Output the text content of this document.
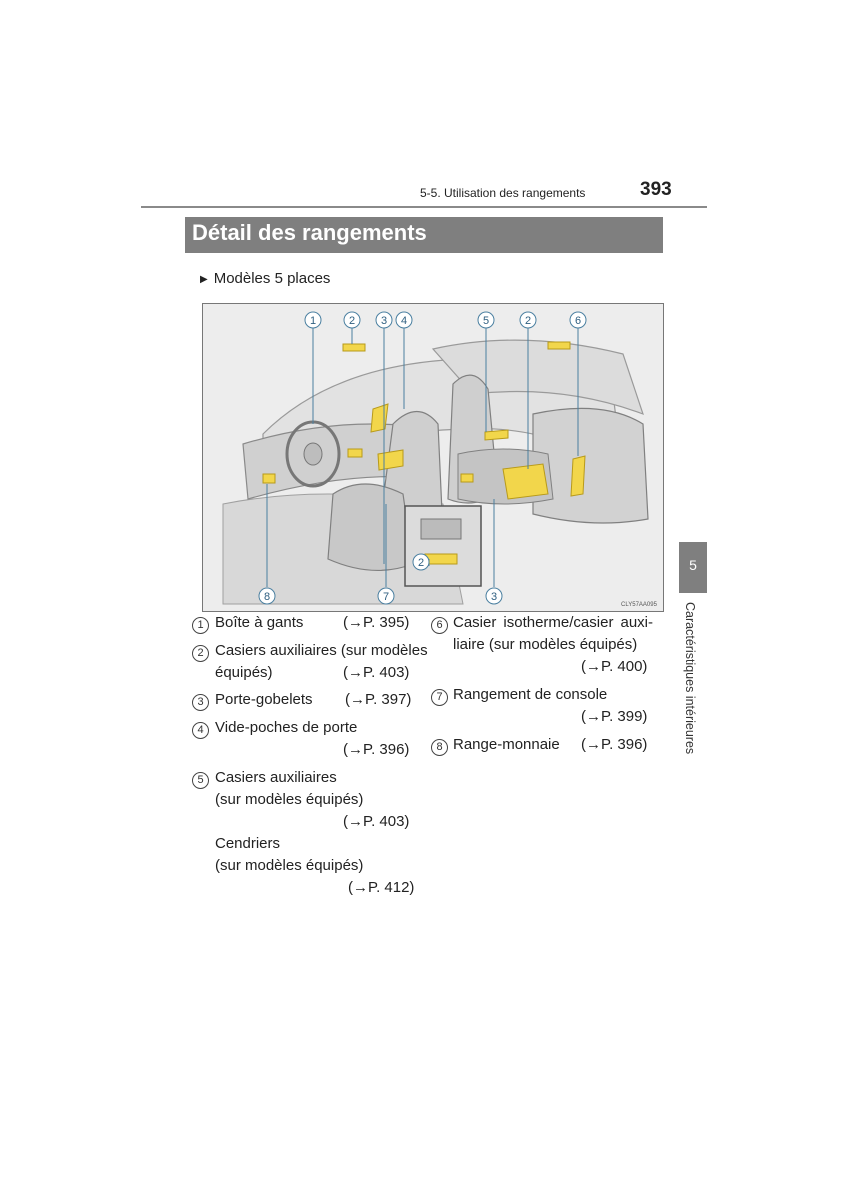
5-5. Utilisation des rangements	393
Détail des rangements
▶ Modèles 5 places
1	2 3 4	5	2	6
8	7	3
2
CLY57AA095
1 Boîte à gants	(→P. 395)
2 Casiers auxiliaires (sur modèles
équipés)	(→P. 403)
3 Porte-gobelets (→P. 397)
4 Vide-poches de porte
(→P. 396)
5 Casiers auxiliaires
(sur modèles équipés)
(→P. 403)
Cendriers
(sur modèles équipés)
(→P. 412)
6 Casier isotherme/casier auxi-
liaire (sur modèles équipés)
(→P. 400)
7 Rangement de console
(→P. 399)
8 Range-monnaie (→P. 396)
5
Caractéristiques intérieures
